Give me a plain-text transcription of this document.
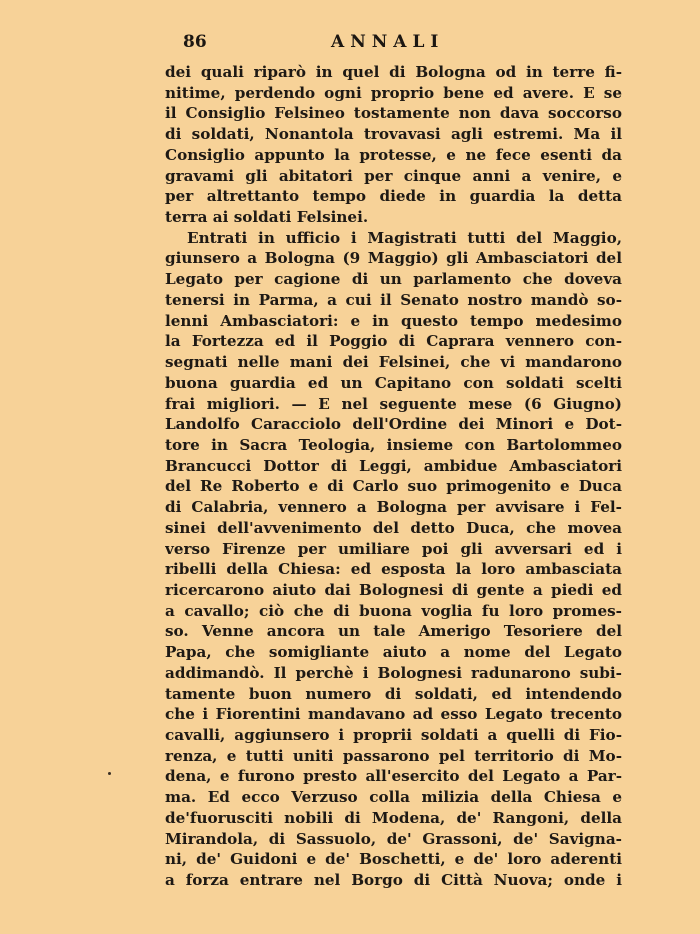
86	ANNALI
dei quali riparò in quel di Bologna od in terre fi-
nitime, perdendo ogni proprio bene ed avere. E se
il Consiglio Felsineo tostamente non dava soccorso
di soldati, Nonantola trovavasi agli estremi. Ma il
Consiglio appunto la protesse, e ne fece esenti da
gravami gli abitatori per cinque anni a venire, e
per altrettanto tempo diede in guardia la detta
terra ai soldati Felsinei.
Entrati in ufficio i Magistrati tutti del Maggio,
giunsero a Bologna (9 Maggio) gli Ambasciatori del
Legato per cagione di un parlamento che doveva
tenersi in Parma, a cui il Senato nostro mandò so-
lenni Ambasciatori: e in questo tempo medesimo
la Fortezza ed il Poggio di Caprara vennero con-
segnati nelle mani dei Felsinei, che vi mandarono
buona guardia ed un Capitano con soldati scelti
frai migliori. — E nel seguente mese (6 Giugno)
Landolfo Caracciolo dell'Ordine dei Minori e Dot-
tore in Sacra Teologia, insieme con Bartolommeo
Brancucci Dottor di Leggi, ambidue Ambasciatori
del Re Roberto e di Carlo suo primogenito e Duca
di Calabria, vennero a Bologna per avvisare i Fel-
sinei dell'avvenimento del detto Duca, che movea
verso Firenze per umiliare poi gli avversari ed i
ribelli della Chiesa: ed esposta la loro ambasciata
ricercarono aiuto dai Bolognesi di gente a piedi ed
a cavallo; ciò che di buona voglia fu loro promes-
so. Venne ancora un tale Amerigo Tesoriere del
Papa, che somigliante aiuto a nome del Legato
addimandò. Il perchè i Bolognesi radunarono subi-
tamente buon numero di soldati, ed intendendo
che i Fiorentini mandavano ad esso Legato trecento
cavalli, aggiunsero i proprii soldati a quelli di Fio-
renza, e tutti uniti passarono pel territorio di Mo-
dena, e furono presto all'esercito del Legato a Par-
ma. Ed ecco Verzuso colla milizia della Chiesa e
de'fuorusciti nobili di Modena, de' Rangoni, della
Mirandola, di Sassuolo, de' Grassoni, de' Savigna-
ni, de' Guidoni e de' Boschetti, e de' loro aderenti
a forza entrare nel Borgo di Città Nuova; onde i
